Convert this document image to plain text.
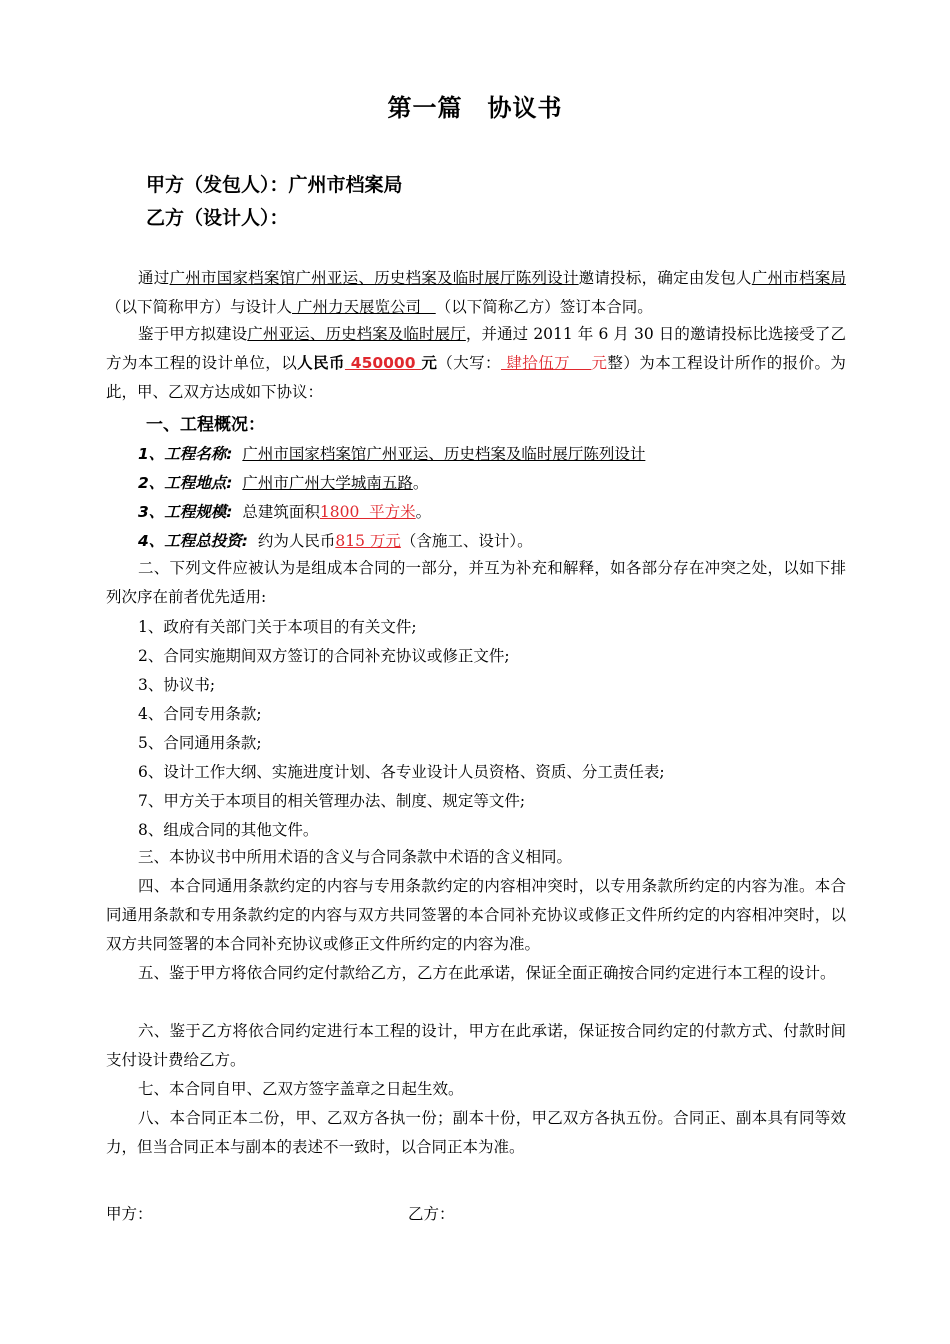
第一篇　协议书
甲方（发包人）：广州市档案局
乙方（设计人）：

通过广州市国家档案馆广州亚运、历史档案及临时展厅陈列设计邀请投标，确定由发包人广州市档案局（以下简称甲方）与设计人 广州力天展览公司   （以下简称乙方）签订本合同。

鉴于甲方拟建设广州亚运、历史档案及临时展厅，并通过 2011 年 6 月 30 日的邀请投标比选接受了乙方为本工程的设计单位，以人民币 450000 元（大写： 肆拾伍万    元整）为本工程设计所作的报价。为此，甲、乙双方达成如下协议：

一、工程概况：
1、工程名称: 广州市国家档案馆广州亚运、历史档案及临时展厅陈列设计
2、工程地点: 广州市广州大学城南五路。
3、工程规模: 总建筑面积1800  平方米。
4、工程总投资: 约为人民币815 万元（含施工、设计）。

二、下列文件应被认为是组成本合同的一部分，并互为补充和解释，如各部分存在冲突之处，以如下排列次序在前者优先适用:

1、政府有关部门关于本项目的有关文件;
2、合同实施期间双方签订的合同补充协议或修正文件;
3、协议书;
4、合同专用条款;
5、合同通用条款;
6、设计工作大纲、实施进度计划、各专业设计人员资格、资质、分工责任表;
7、甲方关于本项目的相关管理办法、制度、规定等文件;
8、组成合同的其他文件。

三、本协议书中所用术语的含义与合同条款中术语的含义相同。

四、本合同通用条款约定的内容与专用条款约定的内容相冲突时，以专用条款所约定的内容为准。本合同通用条款和专用条款约定的内容与双方共同签署的本合同补充协议或修正文件所约定的内容相冲突时，以双方共同签署的本合同补充协议或修正文件所约定的内容为准。

五、鉴于甲方将依合同约定付款给乙方，乙方在此承诺，保证全面正确按合同约定进行本工程的设计。

六、鉴于乙方将依合同约定进行本工程的设计，甲方在此承诺，保证按合同约定的付款方式、付款时间支付设计费给乙方。

七、本合同自甲、乙双方签字盖章之日起生效。

八、本合同正本二份，甲、乙双方各执一份；副本十份，甲乙双方各执五份。合同正、副本具有同等效力，但当合同正本与副本的表述不一致时，以合同正本为准。

甲方：	乙方：
